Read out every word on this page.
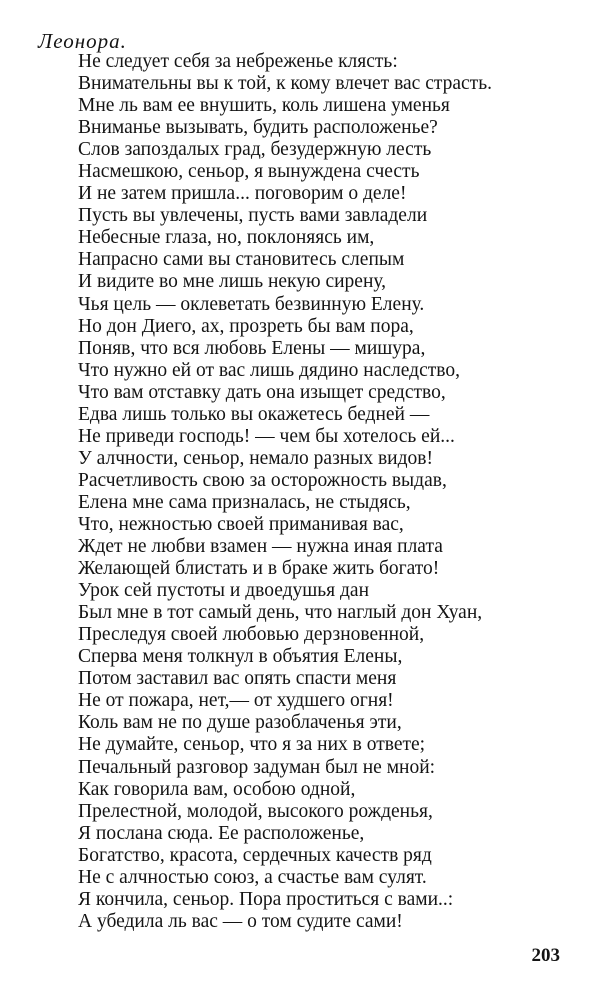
Леонора.
Не следует себя за небреженье клясть:
Внимательны вы к той, к кому влечет вас страсть.
Мне ль вам ее внушить, коль лишена уменья
Вниманье вызывать, будить расположенье?
Слов запоздалых град, безудержную лесть
Насмешкою, сеньор, я вынуждена счесть
И не затем пришла... поговорим о деле!
Пусть вы увлечены, пусть вами завладели
Небесные глаза, но, поклоняясь им,
Напрасно сами вы становитесь слепым
И видите во мне лишь некую сирену,
Чья цель — оклеветать безвинную Елену.
Но дон Диего, ах, прозреть бы вам пора,
Поняв, что вся любовь Елены — мишура,
Что нужно ей от вас лишь дядино наследство,
Что вам отставку дать она изыщет средство,
Едва лишь только вы окажетесь бедней —
Не приведи господь! — чем бы хотелось ей...
У алчности, сеньор, немало разных видов!
Расчетливость свою за осторожность выдав,
Елена мне сама призналась, не стыдясь,
Что, нежностью своей приманивая вас,
Ждет не любви взамен — нужна иная плата
Желающей блистать и в браке жить богато!
Урок сей пустоты и двоедушья дан
Был мне в тот самый день, что наглый дон Хуан,
Преследуя своей любовью дерзновенной,
Сперва меня толкнул в объятия Елены,
Потом заставил вас опять спасти меня
Не от пожара, нет,— от худшего огня!
Коль вам не по душе разоблаченья эти,
Не думайте, сеньор, что я за них в ответе;
Печальный разговор задуман был не мной:
Как говорила вам, особою одной,
Прелестной, молодой, высокого рожденья,
Я послана сюда. Ее расположенье,
Богатство, красота, сердечных качеств ряд
Не с алчностью союз, а счастье вам сулят.
Я кончила, сеньор. Пора проститься с вами..:
А убедила ль вас — о том судите сами!
203
